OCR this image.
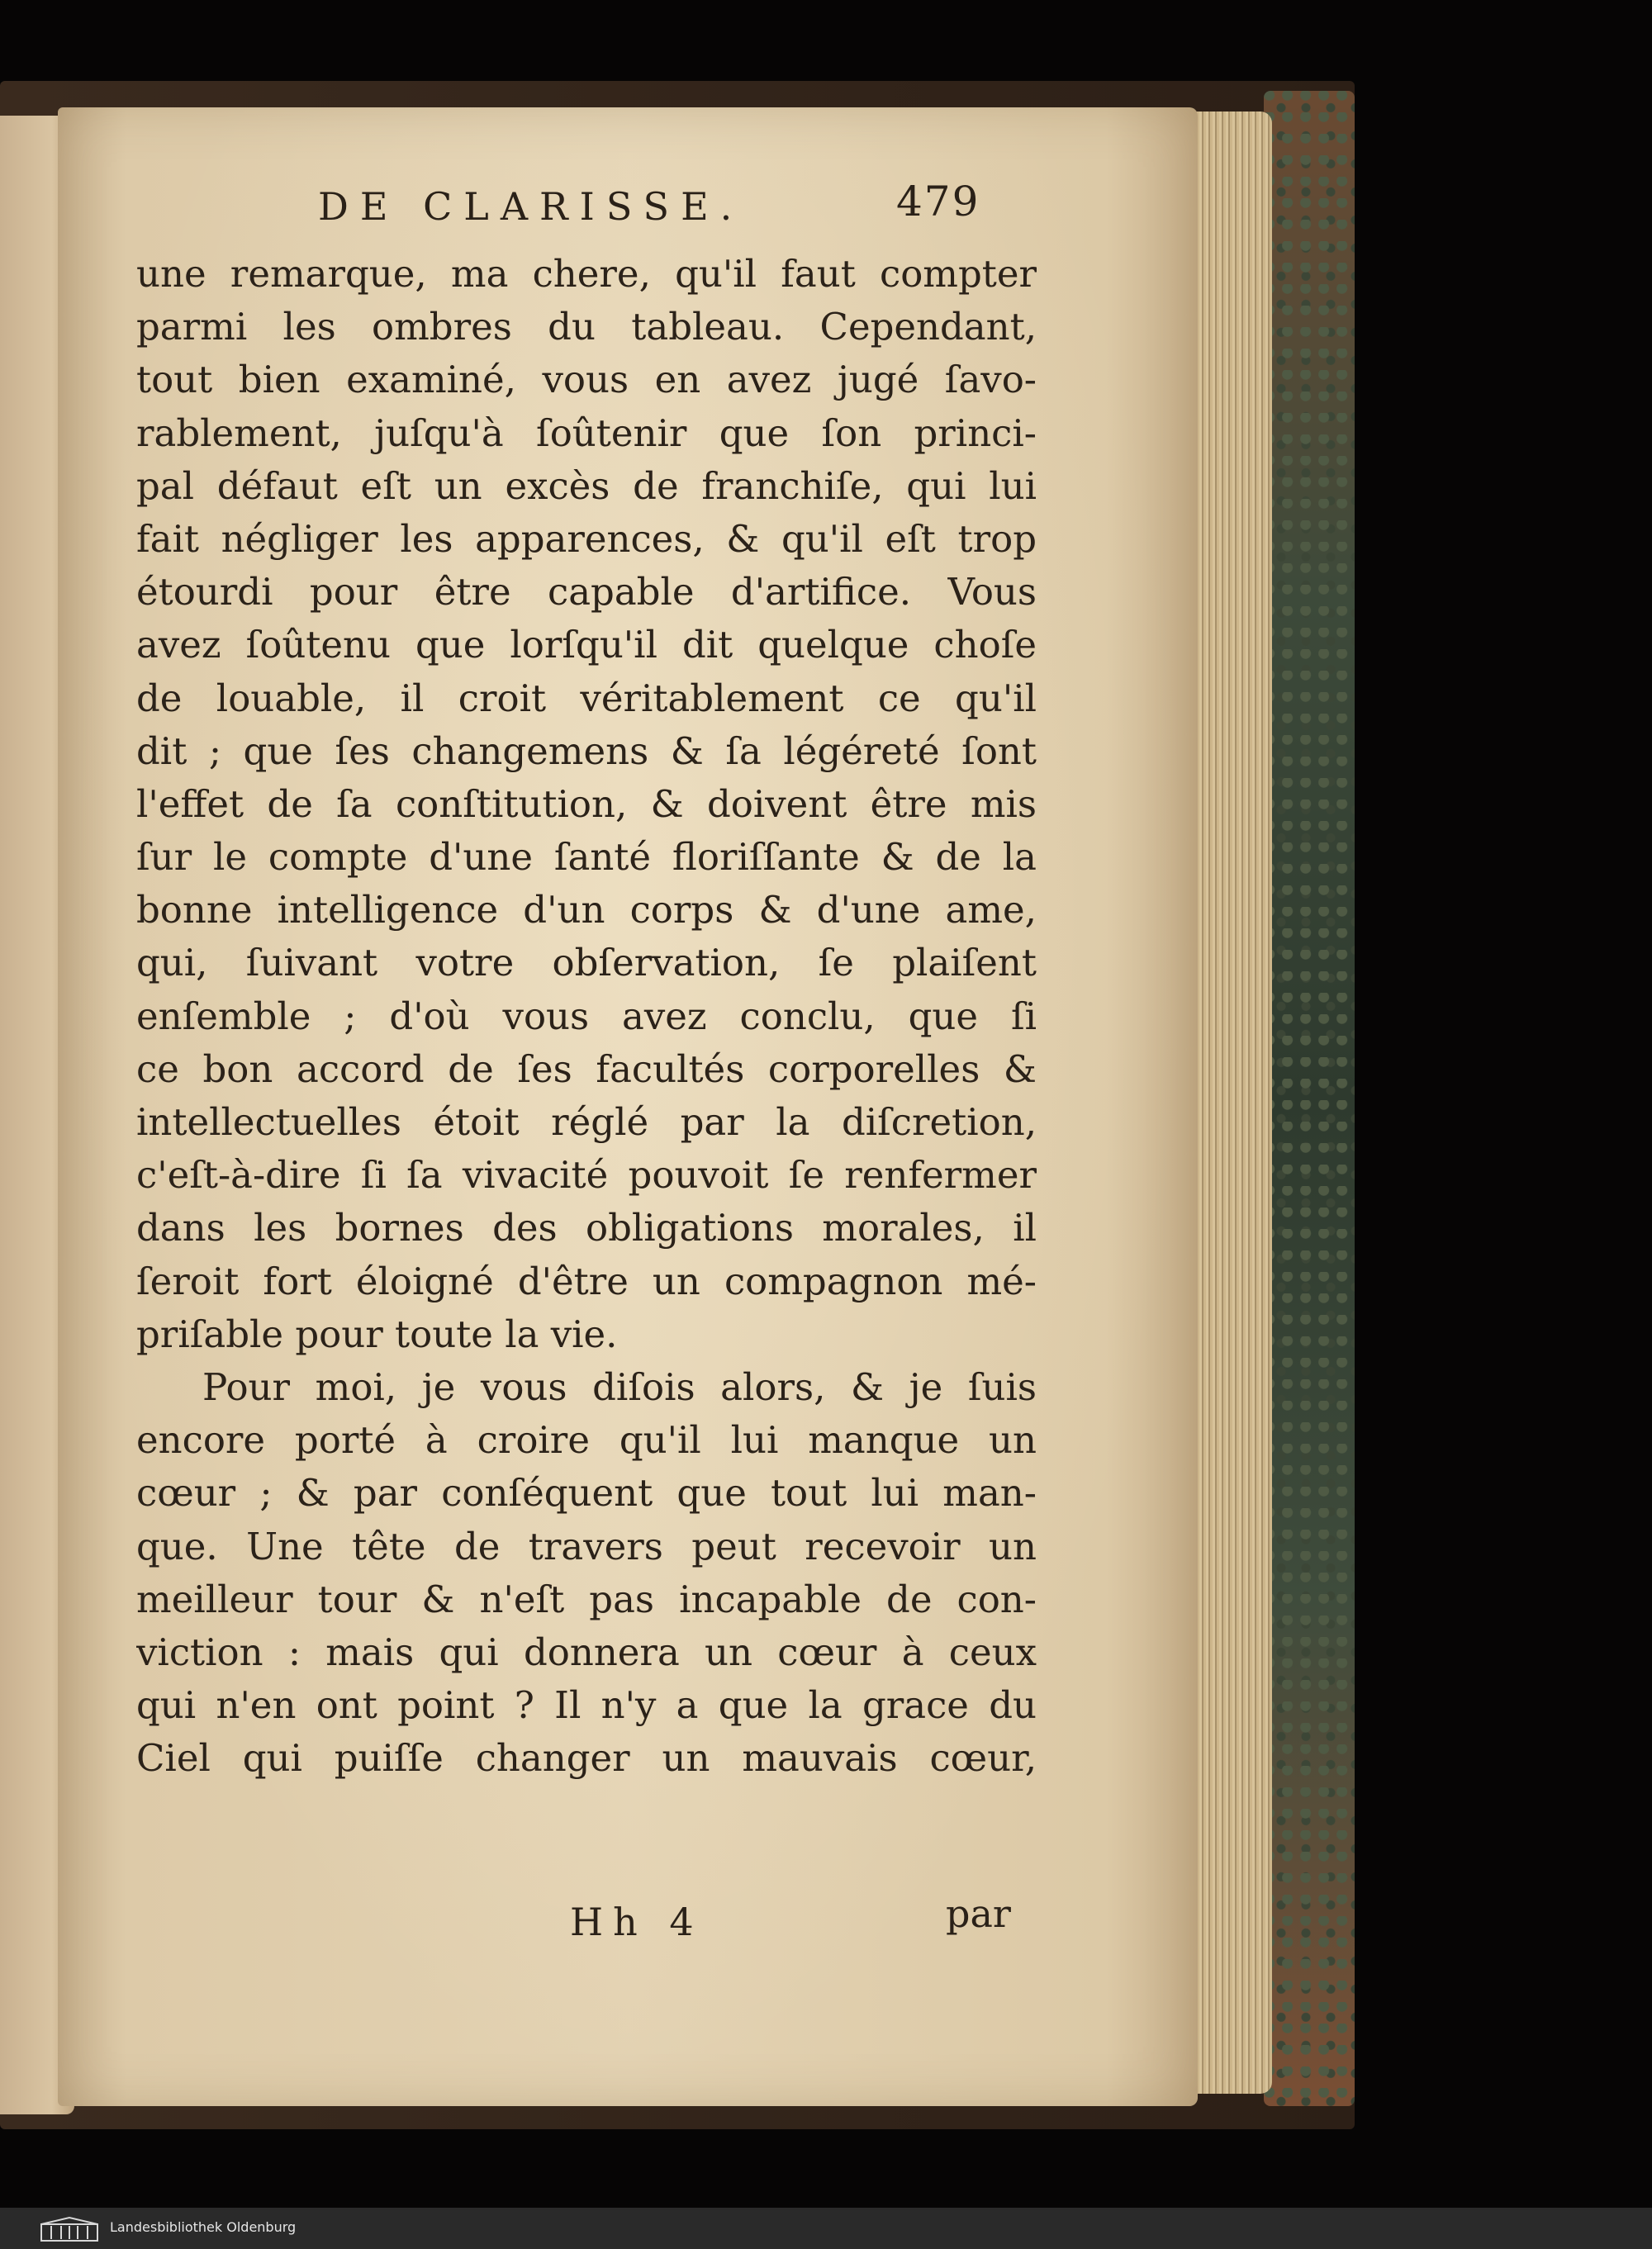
DE CLARISSE.	479
une remarque, ma chere, qu'il faut compter
parmi les ombres du tableau. Cependant,
tout bien examiné, vous en avez jugé ſavo-
rablement, juſqu'à ſoûtenir que ſon princi-
pal défaut eſt un excès de franchiſe, qui lui
fait négliger les apparences, & qu'il eſt trop
étourdi pour être capable d'artifice. Vous
avez ſoûtenu que lorſqu'il dit quelque choſe
de louable, il croit véritablement ce qu'il
dit ; que ſes changemens & ſa légéreté ſont
l'effet de ſa conſtitution, & doivent être mis
ſur le compte d'une ſanté floriſſante & de la
bonne intelligence d'un corps & d'une ame,
qui, ſuivant votre obſervation, ſe plaiſent
enſemble ; d'où vous avez conclu, que ſi
ce bon accord de ſes facultés corporelles &
intellectuelles étoit réglé par la diſcretion,
c'eſt-à-dire ſi ſa vivacité pouvoit ſe renfermer
dans les bornes des obligations morales, il
ſeroit fort éloigné d'être un compagnon mé-
priſable pour toute la vie.
Pour moi, je vous diſois alors, & je ſuis
encore porté à croire qu'il lui manque un
cœur ; & par conſéquent que tout lui man-
que. Une tête de travers peut recevoir un
meilleur tour & n'eſt pas incapable de con-
viction : mais qui donnera un cœur à ceux
qui n'en ont point ? Il n'y a que la grace du
Ciel qui puiſſe changer un mauvais cœur,
Hh 4	par
Landesbibliothek Oldenburg
